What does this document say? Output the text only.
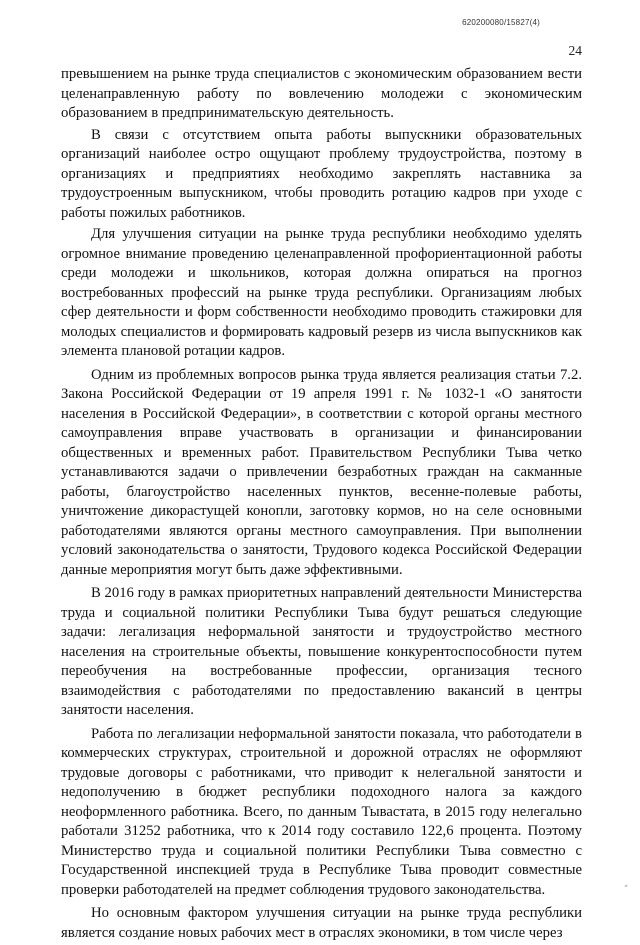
620200080/15827(4)
24

превышением на рынке труда специалистов с экономическим образованием вести целенаправленную работу по вовлечению молодежи с экономическим образованием в предпринимательскую деятельность.

В связи с отсутствием опыта работы выпускники образовательных организаций наиболее остро ощущают проблему трудоустройства, поэтому в организациях и предприятиях необходимо закреплять наставника за трудоустроенным выпускником, чтобы проводить ротацию кадров при уходе с работы пожилых работников.

Для улучшения ситуации на рынке труда республики необходимо уделять огромное внимание проведению целенаправленной профориентационной работы среди молодежи и школьников, которая должна опираться на прогноз востребованных профессий на рынке труда республики. Организациям любых сфер деятельности и форм собственности необходимо проводить стажировки для молодых специалистов и формировать кадровый резерв из числа выпускников как элемента плановой ротации кадров.

Одним из проблемных вопросов рынка труда является реализация статьи 7.2. Закона Российской Федерации от 19 апреля 1991 г. № 1032-1 «О занятости населения в Российской Федерации», в соответствии с которой органы местного самоуправления вправе участвовать в организации и финансировании общественных и временных работ. Правительством Республики Тыва четко устанавливаются задачи о привлечении безработных граждан на сакманные работы, благоустройство населенных пунктов, весенне-полевые работы, уничтожение дикорастущей конопли, заготовку кормов, но на селе основными работодателями являются органы местного самоуправления. При выполнении условий законодательства о занятости, Трудового кодекса Российской Федерации данные мероприятия могут быть даже эффективными.

В 2016 году в рамках приоритетных направлений деятельности Министерства труда и социальной политики Республики Тыва будут решаться следующие задачи: легализация неформальной занятости и трудоустройство местного населения на строительные объекты, повышение конкурентоспособности путем переобучения на востребованные профессии, организация тесного взаимодействия с работодателями по предоставлению вакансий в центры занятости населения.

Работа по легализации неформальной занятости показала, что работодатели в коммерческих структурах, строительной и дорожной отраслях не оформляют трудовые договоры с работниками, что приводит к нелегальной занятости и недополучению в бюджет республики подоходного налога за каждого неоформленного работника. Всего, по данным Тывастата, в 2015 году нелегально работали 31252 работника, что к 2014 году составило 122,6 процента. Поэтому Министерство труда и социальной политики Республики Тыва совместно с Государственной инспекцией труда в Республике Тыва проводит совместные проверки работодателей на предмет соблюдения трудового законодательства.

Но основным фактором улучшения ситуации на рынке труда республики является создание новых рабочих мест в отраслях экономики, в том числе через

ˇ
